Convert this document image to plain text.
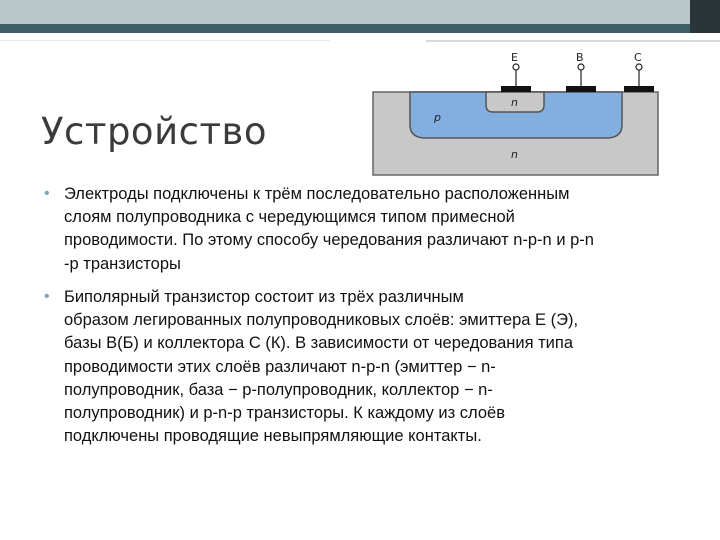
Устройство
E	B	C
n
p
n
• Электроды подключены к трём последовательно расположенным
слоям полупроводника с чередующимся типом примесной
проводимости. По этому способу чередования различают n-p-n и p-n
-p транзисторы
• Биполярный транзистор состоит из трёх различным
образом легированных полупроводниковых слоёв: эмиттера E (Э),
базы B(Б) и коллектора C (К). В зависимости от чередования типа
проводимости этих слоёв различают n-p-n (эмиттер − n-
полупроводник, база − p-полупроводник, коллектор − n-
полупроводник) и p-n-p транзисторы. К каждому из слоёв
подключены проводящие невыпрямляющие контакты.
